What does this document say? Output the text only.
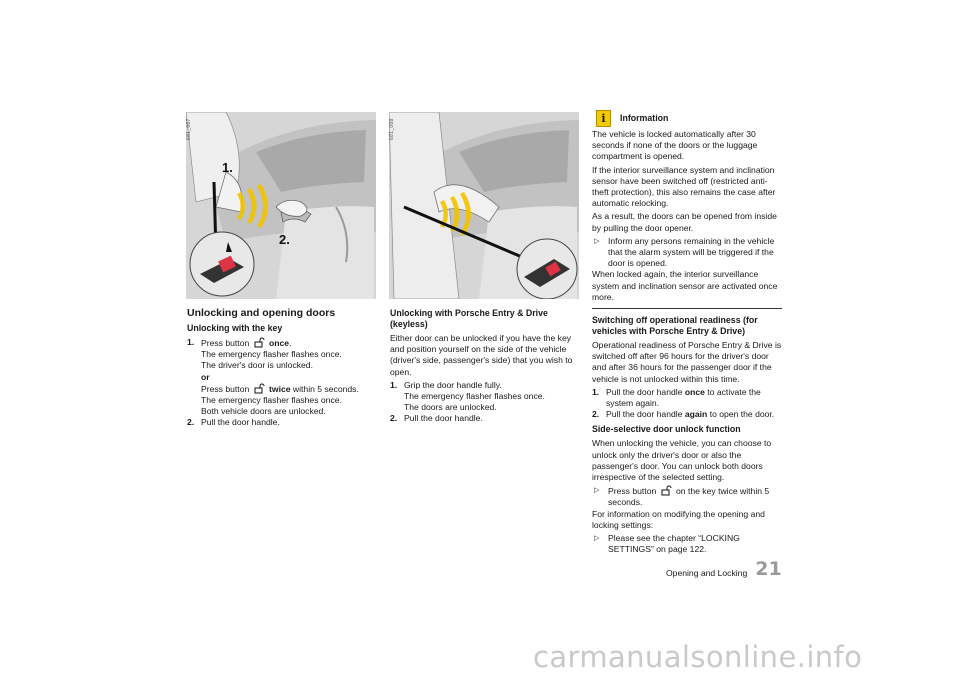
1.
2.
681_087	681_088
Unlocking and opening doors
Unlocking with the key
1. Press button once.
The emergency flasher flashes once.
The driver's door is unlocked.
or
Press button twice within 5 seconds.
The emergency flasher flashes once.
Both vehicle doors are unlocked.
2. Pull the door handle.
Unlocking with Porsche Entry & Drive (keyless)

Either door can be unlocked if you have the key and position yourself on the side of the vehicle (driver's side, passenger's side) that you wish to open.

1. Grip the door handle fully.
The emergency flasher flashes once.
The doors are unlocked.
2. Pull the door handle.
i	Information

The vehicle is locked automatically after 30 seconds if none of the doors or the luggage compartment is opened.

If the interior surveillance system and inclination sensor have been switched off (restricted anti-theft protection), this also remains the case after automatic relocking.

As a result, the doors can be opened from inside by pulling the door opener.

▷	Inform any persons remaining in the vehicle that the alarm system will be triggered if the door is opened.

When locked again, the interior surveillance system and inclination sensor are activated once more.

Switching off operational readiness (for vehicles with Porsche Entry & Drive)

Operational readiness of Porsche Entry & Drive is switched off after 96 hours for the driver's door and after 36 hours for the passenger door if the vehicle is not unlocked within this time.

1. Pull the door handle once to activate the system again.
2. Pull the door handle again to open the door.
Side-selective door unlock function

When unlocking the vehicle, you can choose to unlock only the driver's door or also the passenger's door. You can unlock both doors irrespective of the selected setting.

▷	Press button on the key twice within 5 seconds.

For information on modifying the opening and locking settings:

▷	Please see the chapter “LOCKING SETTINGS” on page 122.
Opening and Locking 21
carmanualsonline.info
